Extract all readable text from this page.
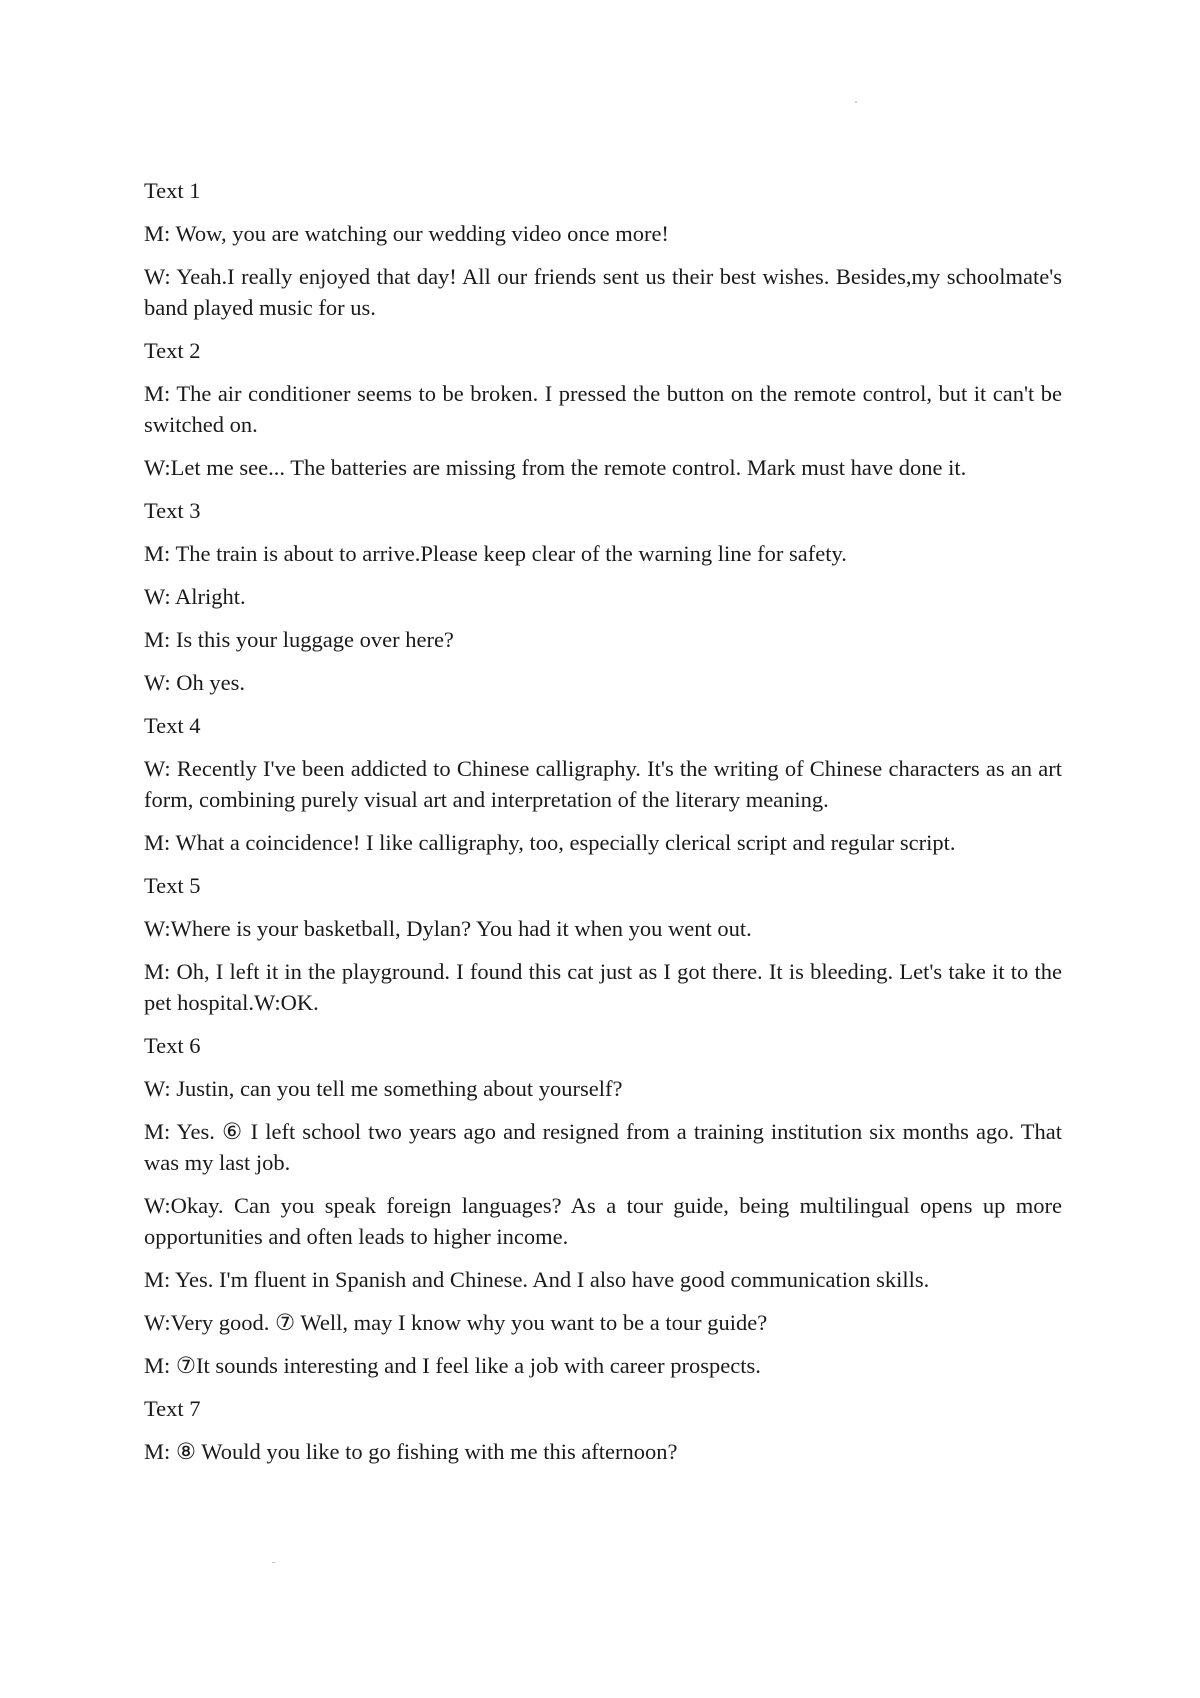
Text 1

M: Wow, you are watching our wedding video once more!

W: Yeah.I really enjoyed that day! All our friends sent us their best wishes. Besides,my schoolmate's band played music for us.

Text 2

M: The air conditioner seems to be broken. I pressed the button on the remote control, but it can't be switched on.

W:Let me see... The batteries are missing from the remote control. Mark must have done it.

Text 3

M: The train is about to arrive.Please keep clear of the warning line for safety.

W: Alright.

M: Is this your luggage over here?

W: Oh yes.

Text 4

W: Recently I've been addicted to Chinese calligraphy. It's the writing of Chinese characters as an art form, combining purely visual art and interpretation of the literary meaning.

M: What a coincidence! I like calligraphy, too, especially clerical script and regular script.

Text 5

W:Where is your basketball, Dylan? You had it when you went out.

M: Oh, I left it in the playground. I found this cat just as I got there. It is bleeding. Let's take it to the pet hospital.W:OK.

Text 6

W: Justin, can you tell me something about yourself?

M: Yes. ⑥ I left school two years ago and resigned from a training institution six months ago. That was my last job.

W:Okay. Can you speak foreign languages? As a tour guide, being multilingual opens up more opportunities and often leads to higher income.

M: Yes. I'm fluent in Spanish and Chinese. And I also have good communication skills.

W:Very good. ⑦ Well, may I know why you want to be a tour guide?

M: ⑦It sounds interesting and I feel like a job with career prospects.

Text 7

M: ⑧ Would you like to go fishing with me this afternoon?
